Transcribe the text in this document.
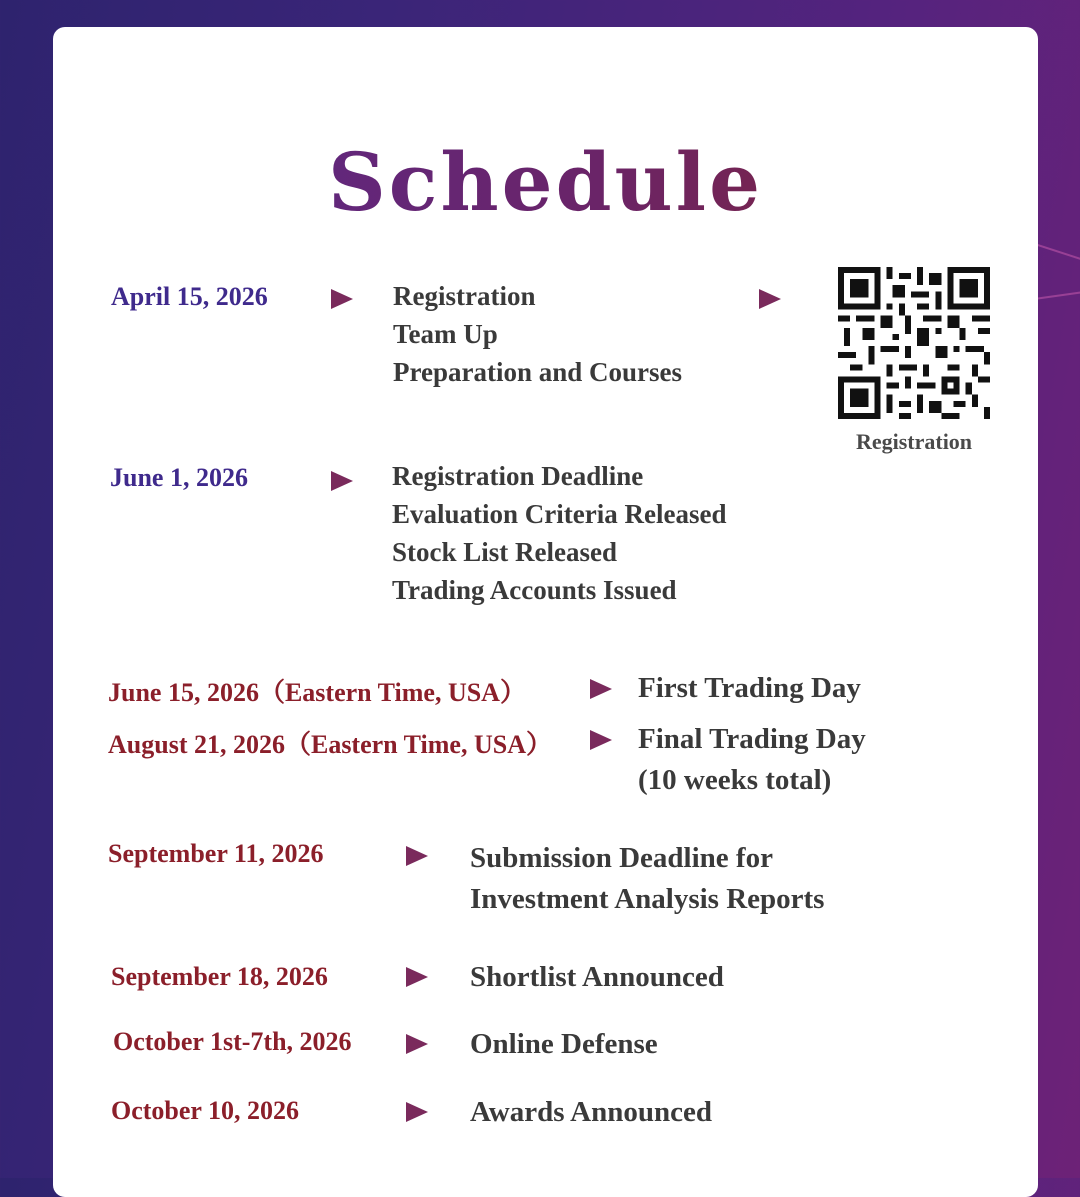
Schedule
April 15, 2026	Registration
Team Up
Preparation and Courses
Registration
June 1, 2026	Registration Deadline
Evaluation Criteria Released
Stock List Released
Trading Accounts Issued
June 15, 2026（Eastern Time, USA）	First Trading Day
August 21, 2026（Eastern Time, USA）	Final Trading Day
(10 weeks total)
September 11, 2026	Submission Deadline for
Investment Analysis Reports
September 18, 2026	Shortlist Announced
October 1st-7th, 2026	Online Defense
October 10, 2026	Awards Announced
